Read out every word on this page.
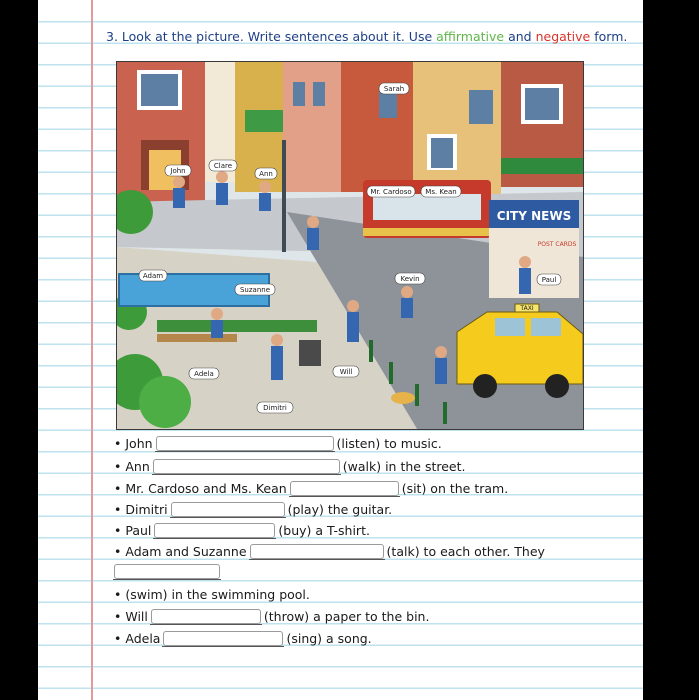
3. Look at the picture. Write sentences about it. Use affirmative and negative form.
Sarah
John
Clare
Ann
Mr. Cardoso Ms. Kean
Adam
Suzanne
Kevin	Paul
Adela	Will
Dimitri
CITY NEWS
POST CARDS
TAXI
• John	(listen) to music.
• Ann	(walk) in the street.
• Mr. Cardoso and Ms. Kean	(sit) on the tram.
• Dimitri	(play) the guitar.
• Paul	(buy) a T-shirt.
• Adam and Suzanne	(talk) to each other. They
• (swim) in the swimming pool.
• Will	(throw) a paper to the bin.
• Adela	(sing) a song.
